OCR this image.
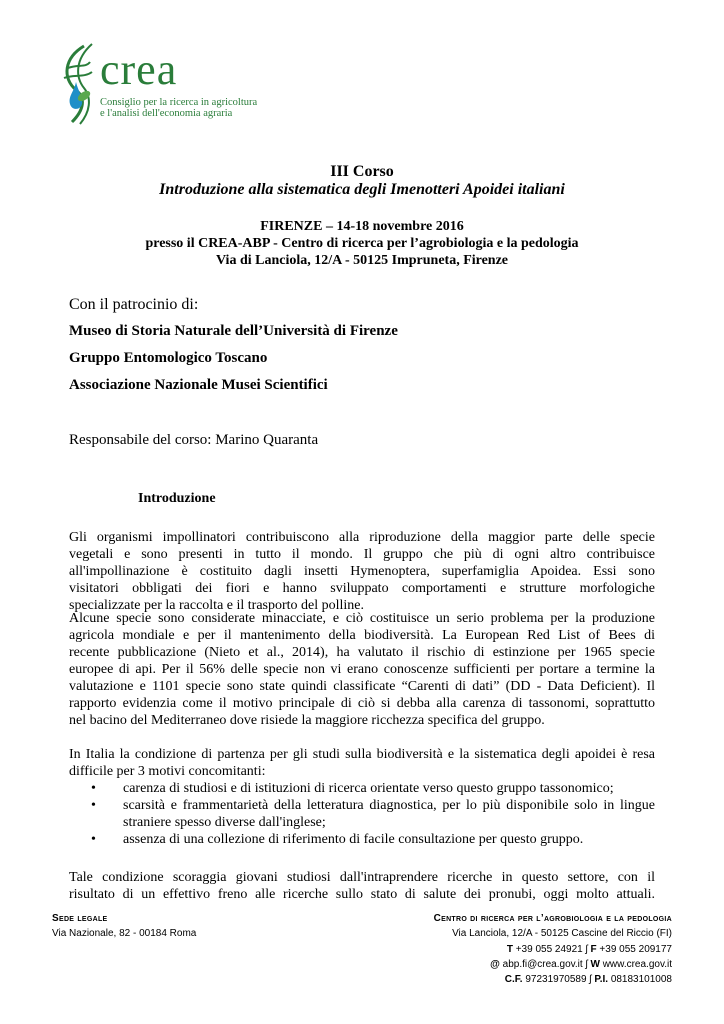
crea
Consiglio per la ricerca in agricoltura
e l'analisi dell'economia agraria
III Corso
Introduzione alla sistematica degli Imenotteri Apoidei italiani
FIRENZE – 14-18 novembre 2016
presso il CREA-ABP - Centro di ricerca per l’agrobiologia e la pedologia
Via di Lanciola, 12/A - 50125 Impruneta, Firenze
Con il patrocinio di:
Museo di Storia Naturale dell’Università di Firenze
Gruppo Entomologico Toscano
Associazione Nazionale Musei Scientifici
Responsabile del corso: Marino Quaranta
Introduzione
Gli organismi impollinatori contribuiscono alla riproduzione della maggior parte delle specie
vegetali e sono presenti in tutto il mondo. Il gruppo che più di ogni altro contribuisce
all'impollinazione è costituito dagli insetti Hymenoptera, superfamiglia Apoidea. Essi sono
visitatori obbligati dei fiori e hanno sviluppato comportamenti e strutture morfologiche
specializzate per la raccolta e il trasporto del polline.
Alcune specie sono considerate minacciate, e ciò costituisce un serio problema per la produzione
agricola mondiale e per il mantenimento della biodiversità. La European Red List of Bees di
recente pubblicazione (Nieto et al., 2014), ha valutato il rischio di estinzione per 1965 specie
europee di api. Per il 56% delle specie non vi erano conoscenze sufficienti per portare a termine la
valutazione e 1101 specie sono state quindi classificate “Carenti di dati” (DD - Data Deficient). Il
rapporto evidenzia come il motivo principale di ciò si debba alla carenza di tassonomi, soprattutto
nel bacino del Mediterraneo dove risiede la maggiore ricchezza specifica del gruppo.
In Italia la condizione di partenza per gli studi sulla biodiversità e la sistematica degli apoidei è resa
difficile per 3 motivi concomitanti:
•	carenza di studiosi e di istituzioni di ricerca orientate verso questo gruppo tassonomico;
•	scarsità e frammentarietà della letteratura diagnostica, per lo più disponibile solo in lingue
straniere spesso diverse dall'inglese;
•	assenza di una collezione di riferimento di facile consultazione per questo gruppo.
Tale condizione scoraggia giovani studiosi dall'intraprendere ricerche in questo settore, con il
risultato di un effettivo freno alle ricerche sullo stato di salute dei pronubi, oggi molto attuali.
Sede legale
Via Nazionale, 82 - 00184 Roma
Centro di ricerca per l’agrobiologia e la pedologia
Via Lanciola, 12/A - 50125 Cascine del Riccio (FI)
T +39 055 24921 ʃ F +39 055 209177
@ abp.fi@crea.gov.it ʃ W www.crea.gov.it
C.F. 97231970589 ʃ P.I. 08183101008
